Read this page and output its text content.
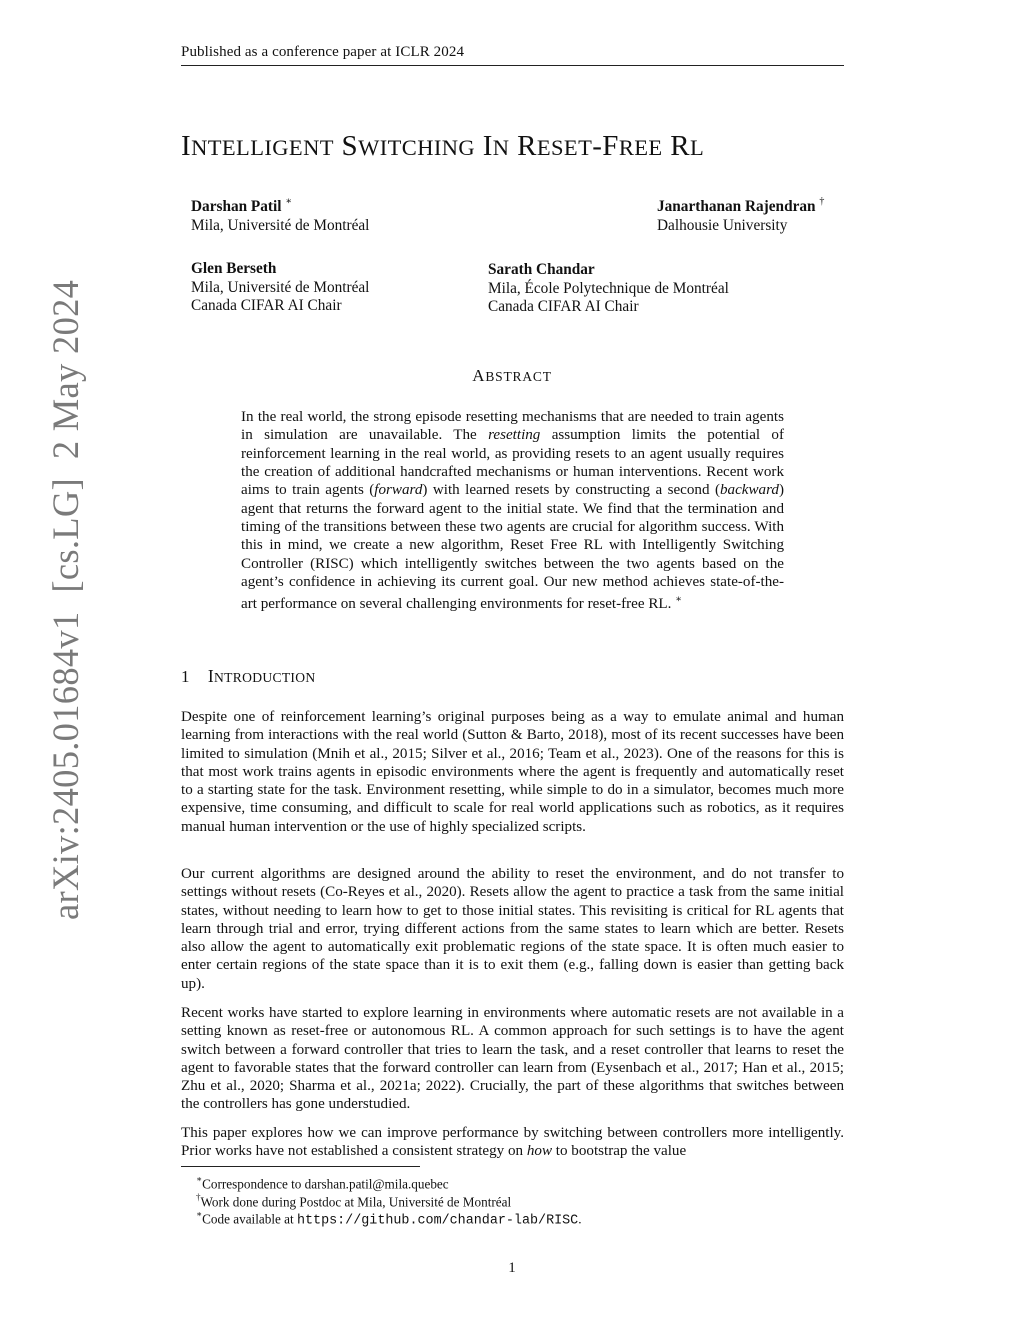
Published as a conference paper at ICLR 2024
INTELLIGENT SWITCHING IN RESET-FREE RL
Darshan Patil ∗
Mila, Université de Montréal
Janarthanan Rajendran †
Dalhousie University
Glen Berseth
Mila, Université de Montréal
Canada CIFAR AI Chair
Sarath Chandar
Mila, École Polytechnique de Montréal
Canada CIFAR AI Chair
ABSTRACT
In the real world, the strong episode resetting mechanisms that are needed to train agents in simulation are unavailable. The resetting assumption limits the potential of reinforcement learning in the real world, as providing resets to an agent usually requires the creation of additional handcrafted mechanisms or human interventions. Recent work aims to train agents (forward) with learned resets by constructing a second (backward) agent that returns the forward agent to the initial state. We find that the termination and timing of the transitions between these two agents are crucial for algorithm success. With this in mind, we create a new algorithm, Reset Free RL with Intelligently Switching Controller (RISC) which intelligently switches between the two agents based on the agent’s confidence in achieving its current goal. Our new method achieves state-of-the-art performance on several challenging environments for reset-free RL. ∗
1 INTRODUCTION
Despite one of reinforcement learning’s original purposes being as a way to emulate animal and human learning from interactions with the real world (Sutton & Barto, 2018), most of its recent successes have been limited to simulation (Mnih et al., 2015; Silver et al., 2016; Team et al., 2023). One of the reasons for this is that most work trains agents in episodic environments where the agent is frequently and automatically reset to a starting state for the task. Environment resetting, while simple to do in a simulator, becomes much more expensive, time consuming, and difficult to scale for real world applications such as robotics, as it requires manual human intervention or the use of highly specialized scripts.
Our current algorithms are designed around the ability to reset the environment, and do not transfer to settings without resets (Co-Reyes et al., 2020). Resets allow the agent to practice a task from the same initial states, without needing to learn how to get to those initial states. This revisiting is critical for RL agents that learn through trial and error, trying different actions from the same states to learn which are better. Resets also allow the agent to automatically exit problematic regions of the state space. It is often much easier to enter certain regions of the state space than it is to exit them (e.g., falling down is easier than getting back up).
Recent works have started to explore learning in environments where automatic resets are not available in a setting known as reset-free or autonomous RL. A common approach for such settings is to have the agent switch between a forward controller that tries to learn the task, and a reset controller that learns to reset the agent to favorable states that the forward controller can learn from (Eysenbach et al., 2017; Han et al., 2015; Zhu et al., 2020; Sharma et al., 2021a; 2022). Crucially, the part of these algorithms that switches between the controllers has gone understudied.
This paper explores how we can improve performance by switching between controllers more intelligently. Prior works have not established a consistent strategy on how to bootstrap the value
∗Correspondence to darshan.patil@mila.quebec
†Work done during Postdoc at Mila, Université de Montréal
∗Code available at https://github.com/chandar-lab/RISC.
1
arXiv:2405.01684v1  [cs.LG]  2 May 2024
